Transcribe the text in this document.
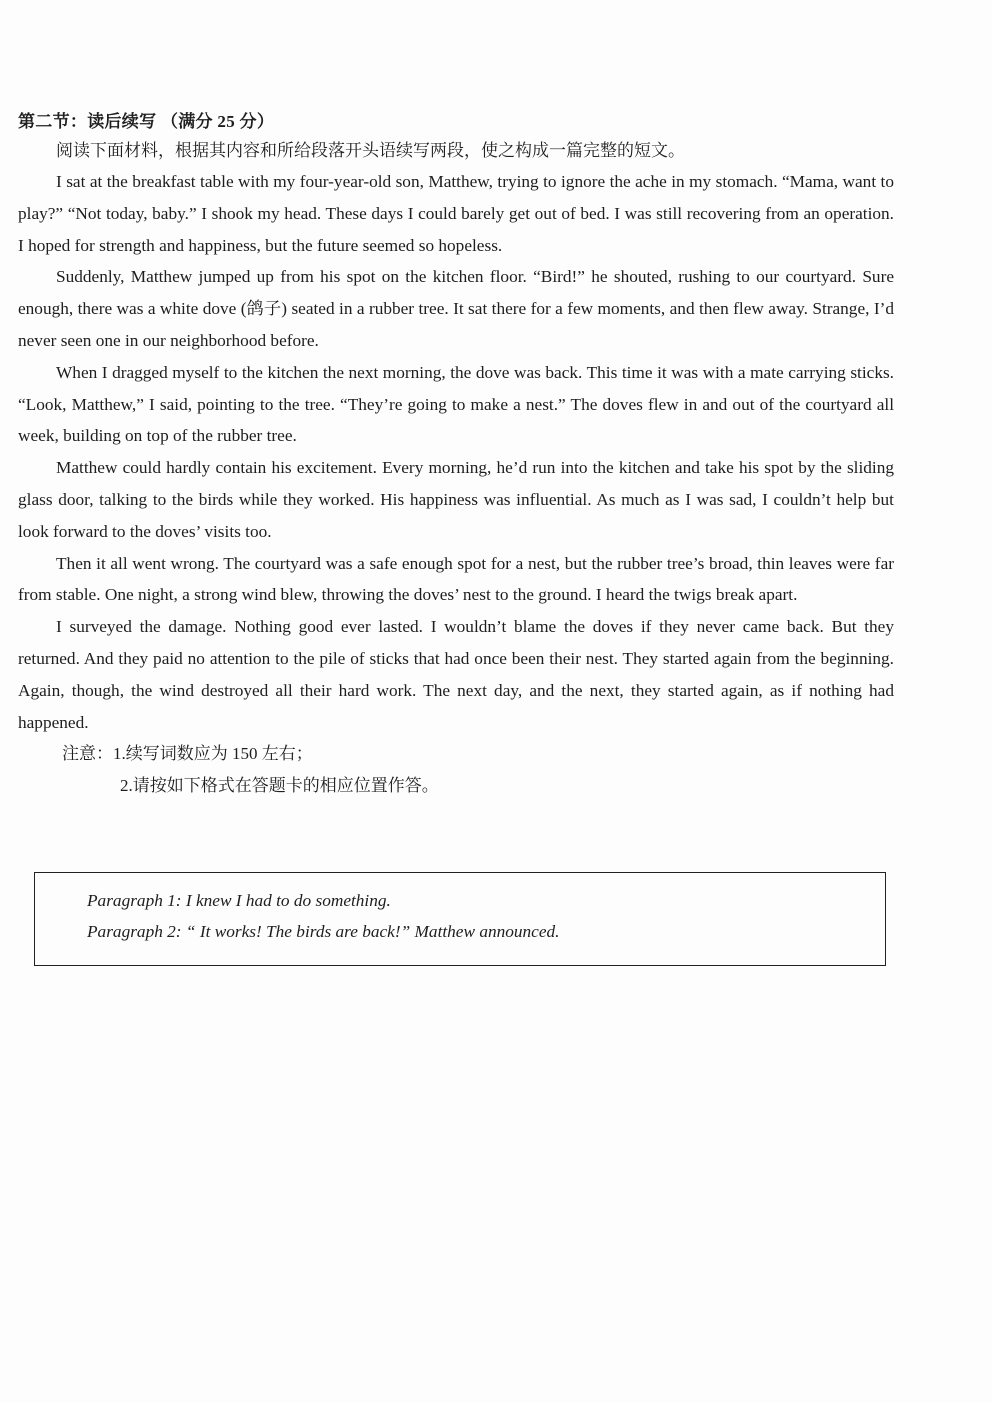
第二节：读后续写 （满分 25 分）

阅读下面材料，根据其内容和所给段落开头语续写两段，使之构成一篇完整的短文。

I sat at the breakfast table with my four-year-old son, Matthew, trying to ignore the ache in my stomach. “Mama, want to play?” “Not today, baby.” I shook my head. These days I could barely get out of bed. I was still recovering from an operation. I hoped for strength and happiness, but the future seemed so hopeless.

Suddenly, Matthew jumped up from his spot on the kitchen floor. “Bird!” he shouted, rushing to our courtyard. Sure enough, there was a white dove (鸽子) seated in a rubber tree. It sat there for a few moments, and then flew away. Strange, I’d never seen one in our neighborhood before.

When I dragged myself to the kitchen the next morning, the dove was back. This time it was with a mate carrying sticks. “Look, Matthew,” I said, pointing to the tree. “They’re going to make a nest.” The doves flew in and out of the courtyard all week, building on top of the rubber tree.

Matthew could hardly contain his excitement. Every morning, he’d run into the kitchen and take his spot by the sliding glass door, talking to the birds while they worked. His happiness was influential. As much as I was sad, I couldn’t help but look forward to the doves’ visits too.

Then it all went wrong. The courtyard was a safe enough spot for a nest, but the rubber tree’s broad, thin leaves were far from stable. One night, a strong wind blew, throwing the doves’ nest to the ground. I heard the twigs break apart.

I surveyed the damage. Nothing good ever lasted. I wouldn’t blame the doves if they never came back. But they returned. And they paid no attention to the pile of sticks that had once been their nest. They started again from the beginning. Again, though, the wind destroyed all their hard work. The next day, and the next, they started again, as if nothing had happened.

注意：1.续写词数应为 150 左右；

2.请按如下格式在答题卡的相应位置作答。

Paragraph 1: I knew I had to do something.

Paragraph 2: “ It works! The birds are back!” Matthew announced.
